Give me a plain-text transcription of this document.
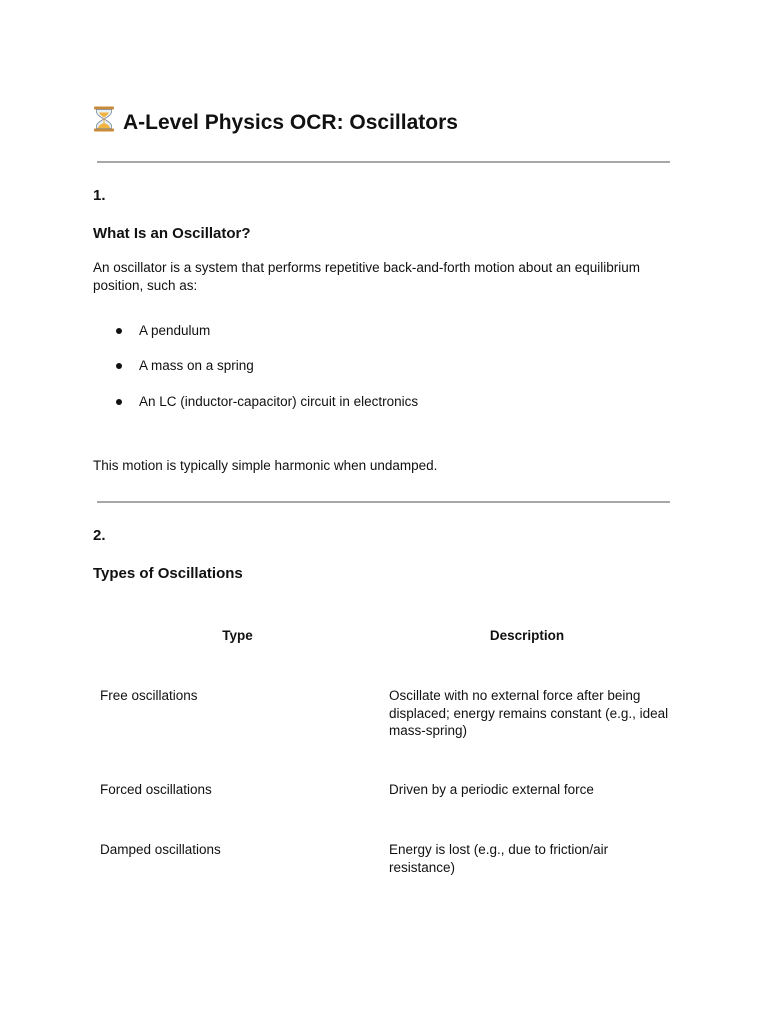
A-Level Physics OCR: Oscillators

1.

What Is an Oscillator?

An oscillator is a system that performs repetitive back-and-forth motion about an equilibrium position, such as:

A pendulum
A mass on a spring
An LC (inductor-capacitor) circuit in electronics

This motion is typically simple harmonic when undamped.

2.

Types of Oscillations
Type	Description
Free oscillations	Oscillate with no external force after being displaced; energy remains constant (e.g., ideal mass-spring)
Forced oscillations	Driven by a periodic external force
Damped oscillations	Energy is lost (e.g., due to friction/air resistance)
